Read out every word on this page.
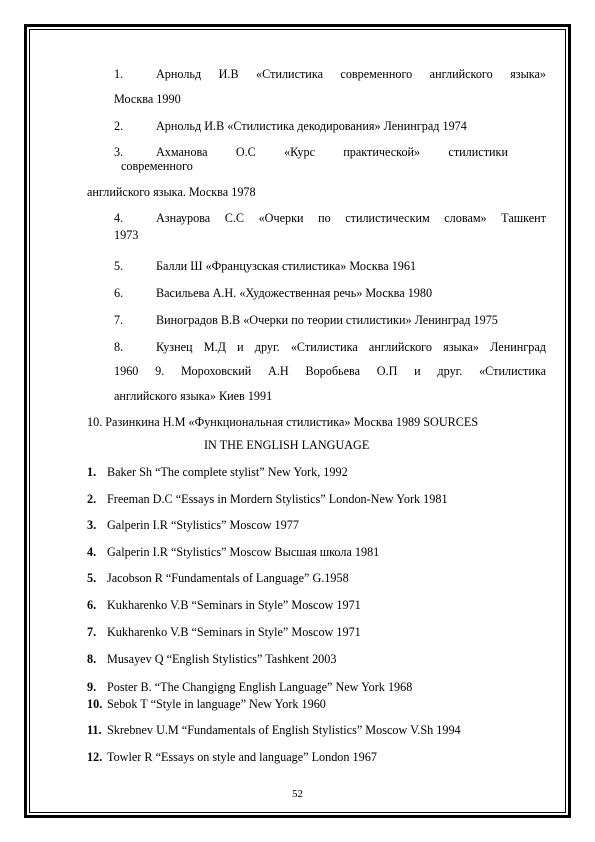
1.	Арнольд И.В «Стилистика современного английского языка»
Москва 1990
2.	Арнольд И.В «Стилистика декодирования» Ленинград 1974
3.	Ахманова О.С «Курс практической» стилистики
современного
английского языка. Москва 1978
4.	Азнаурова С.С «Очерки по стилистическим словам» Ташкент
1973
5.	Балли Ш «Французская стилистика» Москва 1961
6.	Васильева А.Н. «Художественная речь» Москва 1980
7.	Виноградов В.В «Очерки по теории стилистики» Ленинград 1975
8.	Кузнец М.Д и друг. «Стилистика английского языка» Ленинград
1960 9. Мороховский А.Н Воробьева О.П и друг. «Стилистика
английского языка» Киев 1991
10. Разинкина Н.М «Функциональная стилистика» Москва 1989 SOURCES
IN THE ENGLISH LANGUAGE
1. Baker Sh “The complete stylist” New York, 1992
2. Freeman D.C “Essays in Mordern Stylistics” London-New York 1981
3. Galperin I.R “Stylistics” Moscow 1977
4. Galperin I.R “Stylistics” Moscow Высшая школа 1981
5. Jacobson R “Fundamentals of Language” G.1958
6. Kukharenko V.B “Seminars in Style” Moscow 1971
7. Kukharenko V.B “Seminars in Style” Moscow 1971
8. Musayev Q “English Stylistics” Tashkent 2003
9. Poster B. “The Changigng English Language” New York 1968
10. Sebok T “Style in language” New York 1960
11. Skrebnev U.M “Fundamentals of English Stylistics” Moscow V.Sh 1994
12. Towler R “Essays on style and language” London 1967
52
